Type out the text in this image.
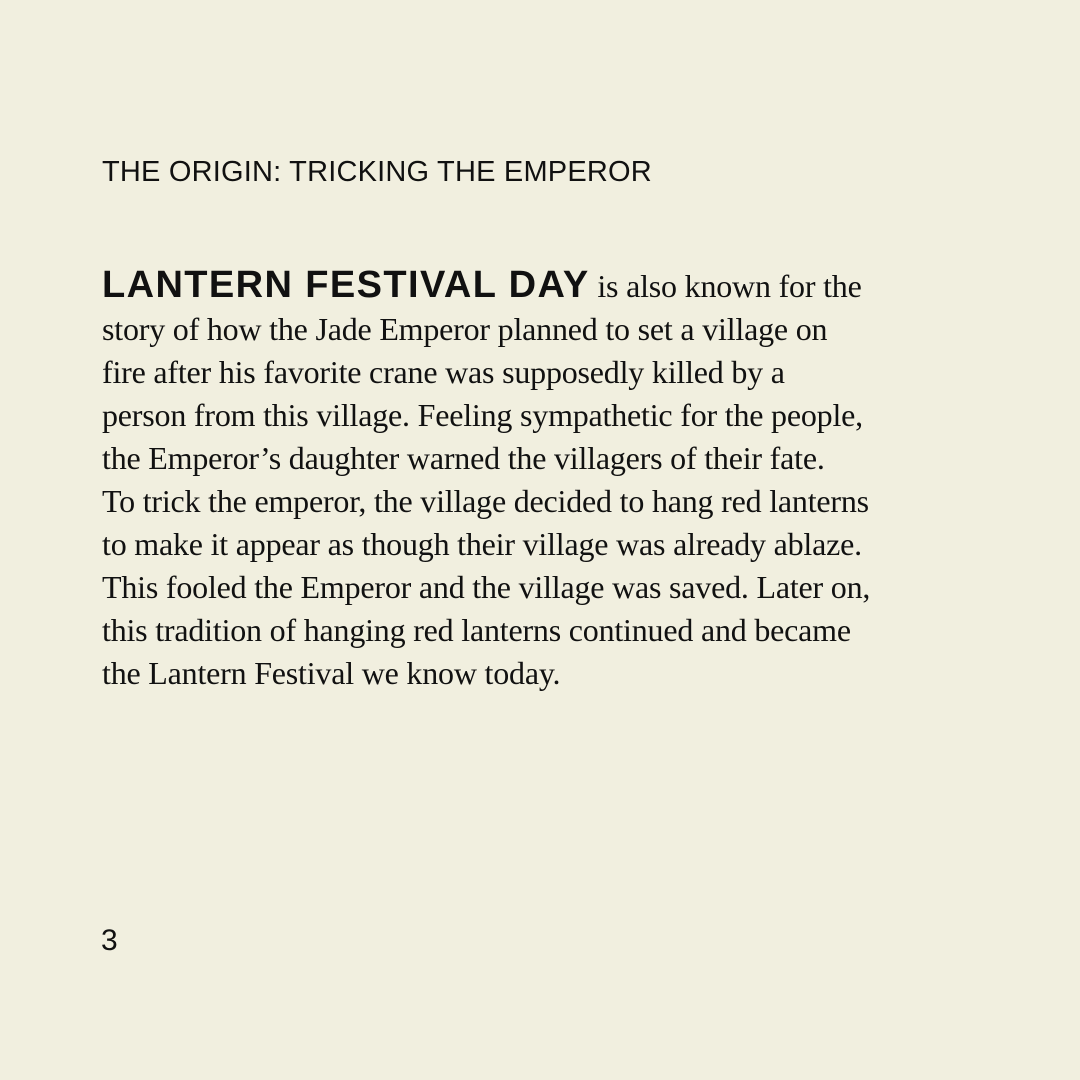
THE ORIGIN: TRICKING THE EMPEROR

LANTERN FESTIVAL DAY is also known for the
story of how the Jade Emperor planned to set a village on
fire after his favorite crane was supposedly killed by a
person from this village. Feeling sympathetic for the people,
the Emperor’s daughter warned the villagers of their fate.
To trick the emperor, the village decided to hang red lanterns
to make it appear as though their village was already ablaze.
This fooled the Emperor and the village was saved. Later on,
this tradition of hanging red lanterns continued and became
the Lantern Festival we know today.

3
